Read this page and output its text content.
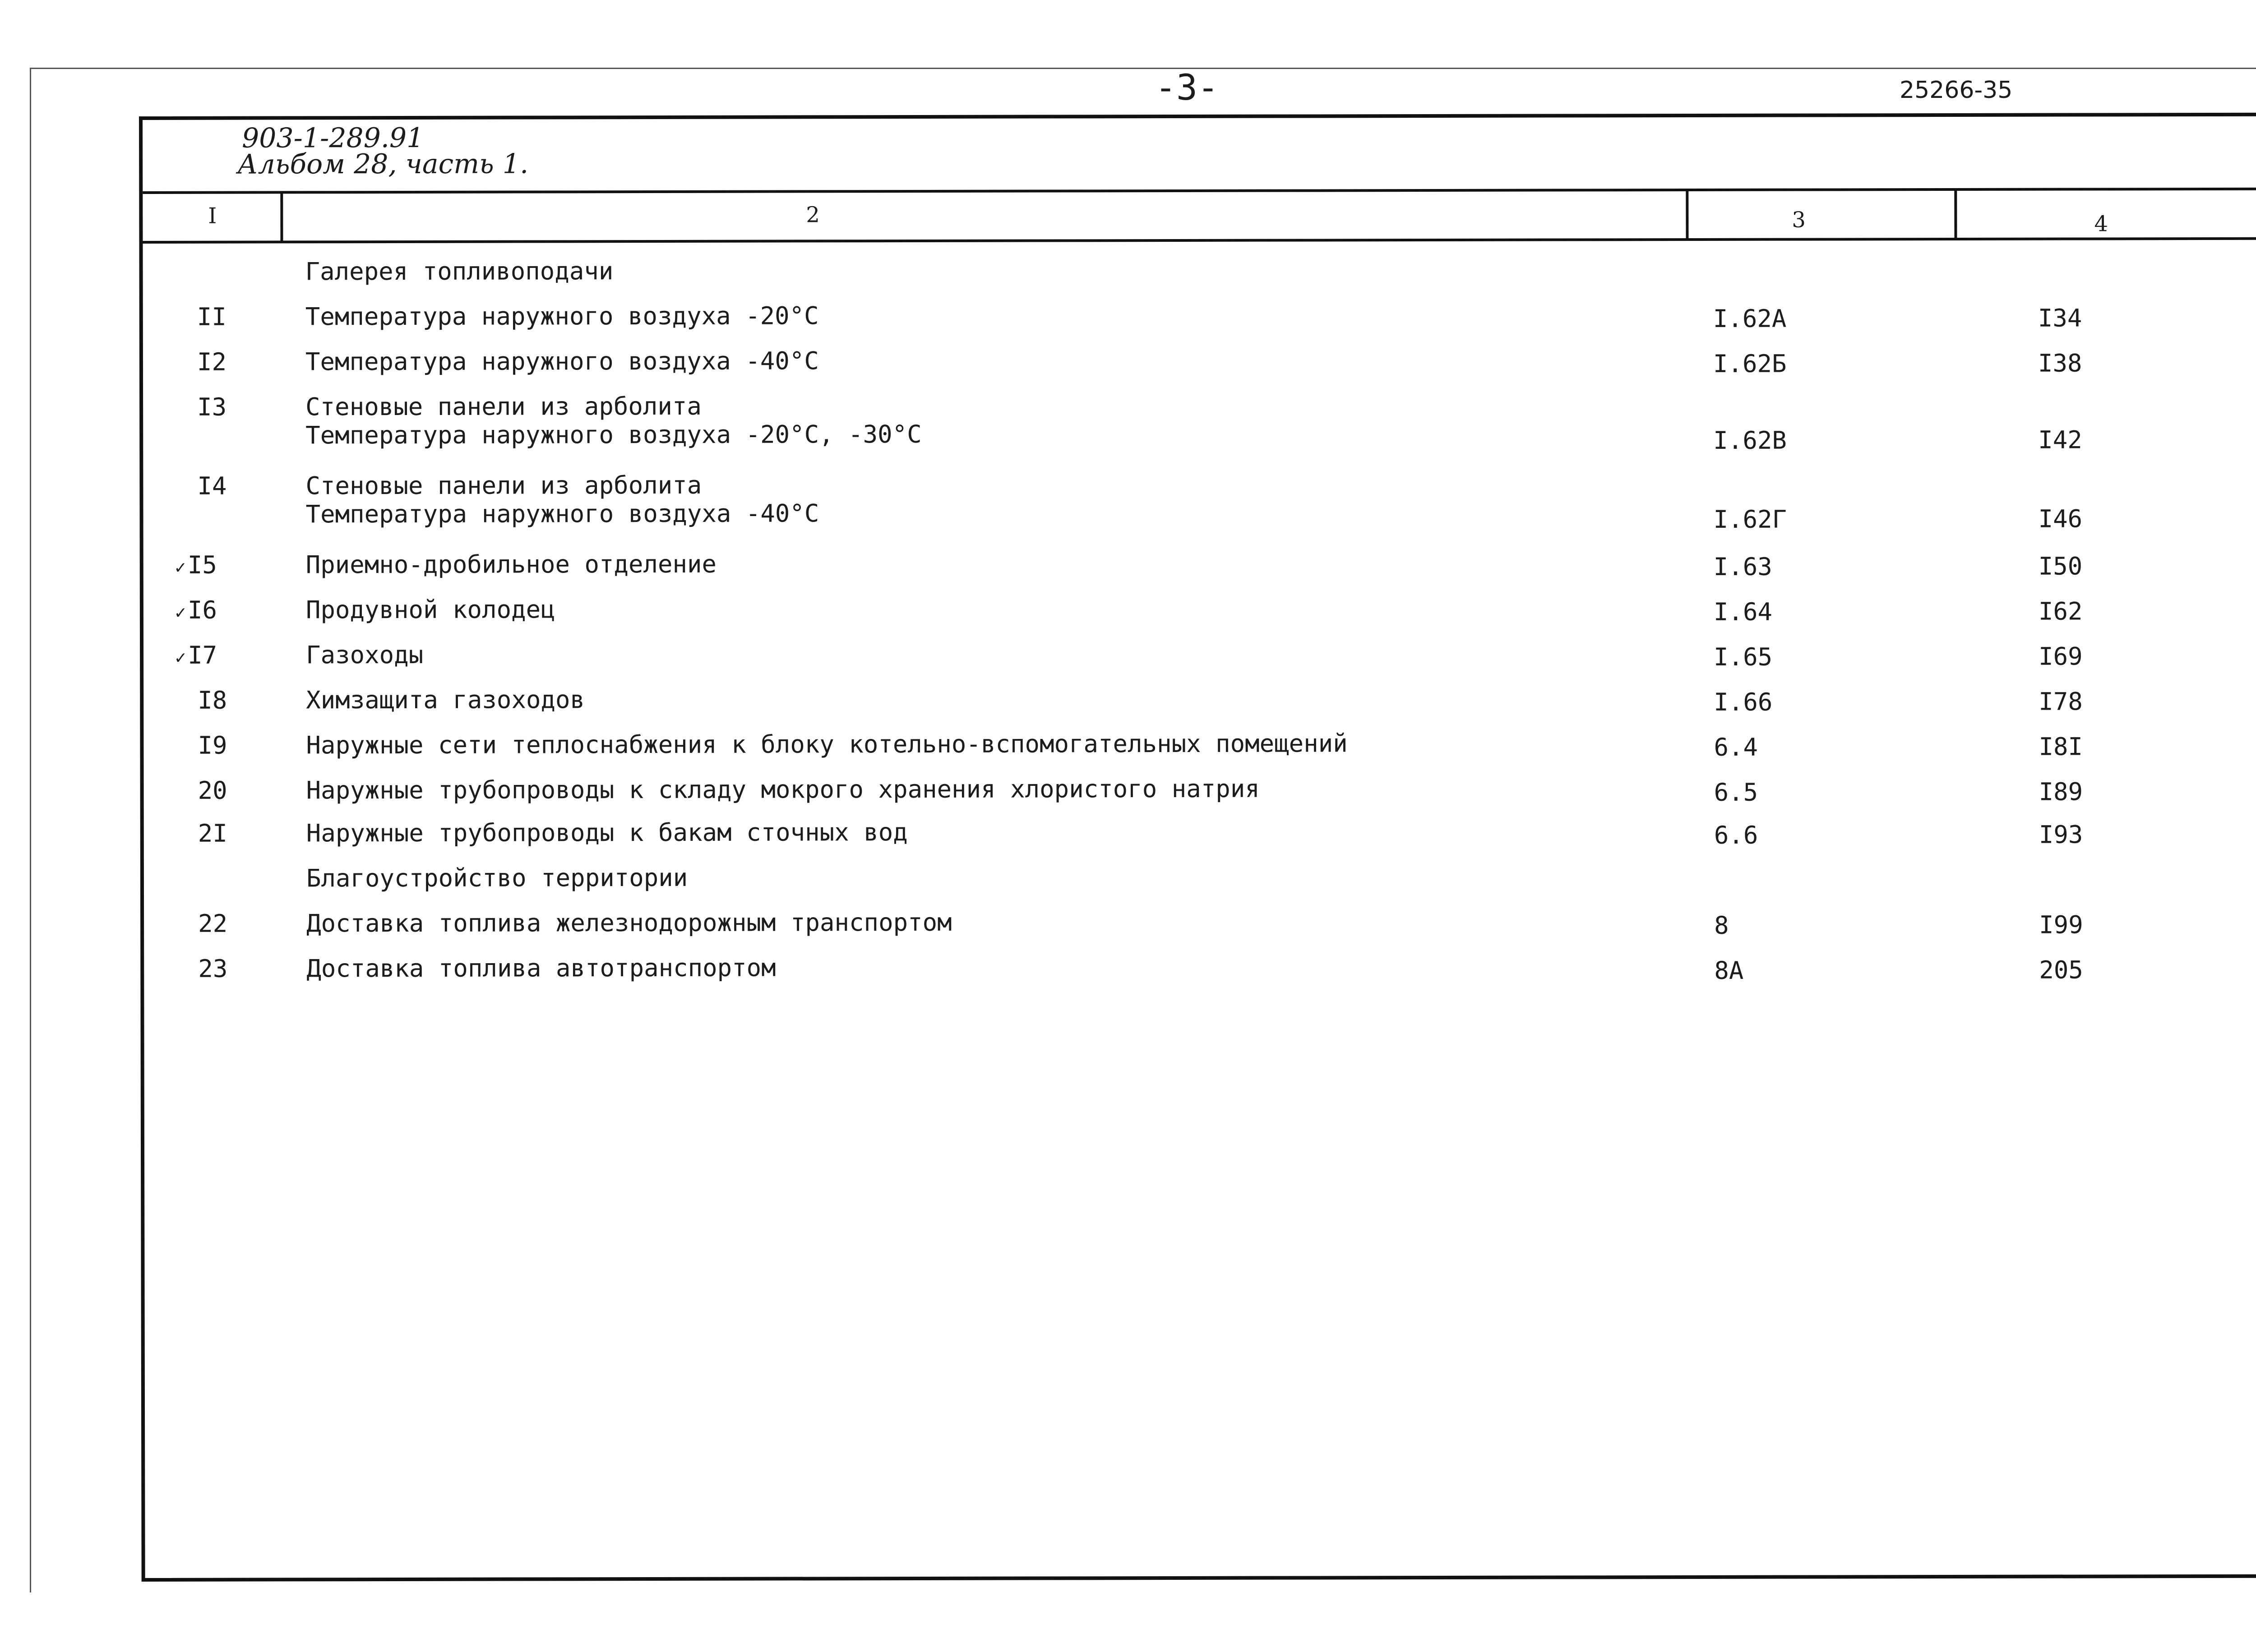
-3-	25266-35
903-1-289.91
Альбом 28, часть 1.
I	2	3	4
Галерея топливоподачи
II	Температура наружного воздуха -20°С	I.62А	I34
I2	Температура наружного воздуха -40°С	I.62Б	I38
I3	Стеновые панели из арболита
Температура наружного воздуха -20°С, -30°С	I.62В	I42
I4	Стеновые панели из арболита
Температура наружного воздуха -40°С	I.62Г	I46
✓I5	Приемно-дробильное отделение	I.63	I50
✓I6	Продувной колодец	I.64	I62
✓I7	Газоходы	I.65	I69
I8	Химзащита газоходов	I.66	I78
I9	Наружные сети теплоснабжения к блоку котельно-вспомогательных помещений	6.4	I8I
20	Наружные трубопроводы к складу мокрого хранения хлористого натрия	6.5	I89
2I	Наружные трубопроводы к бакам сточных вод	6.6	I93
Благоустройство территории
22	Доставка топлива железнодорожным транспортом	8	I99
23	Доставка топлива автотранспортом	8А	205
